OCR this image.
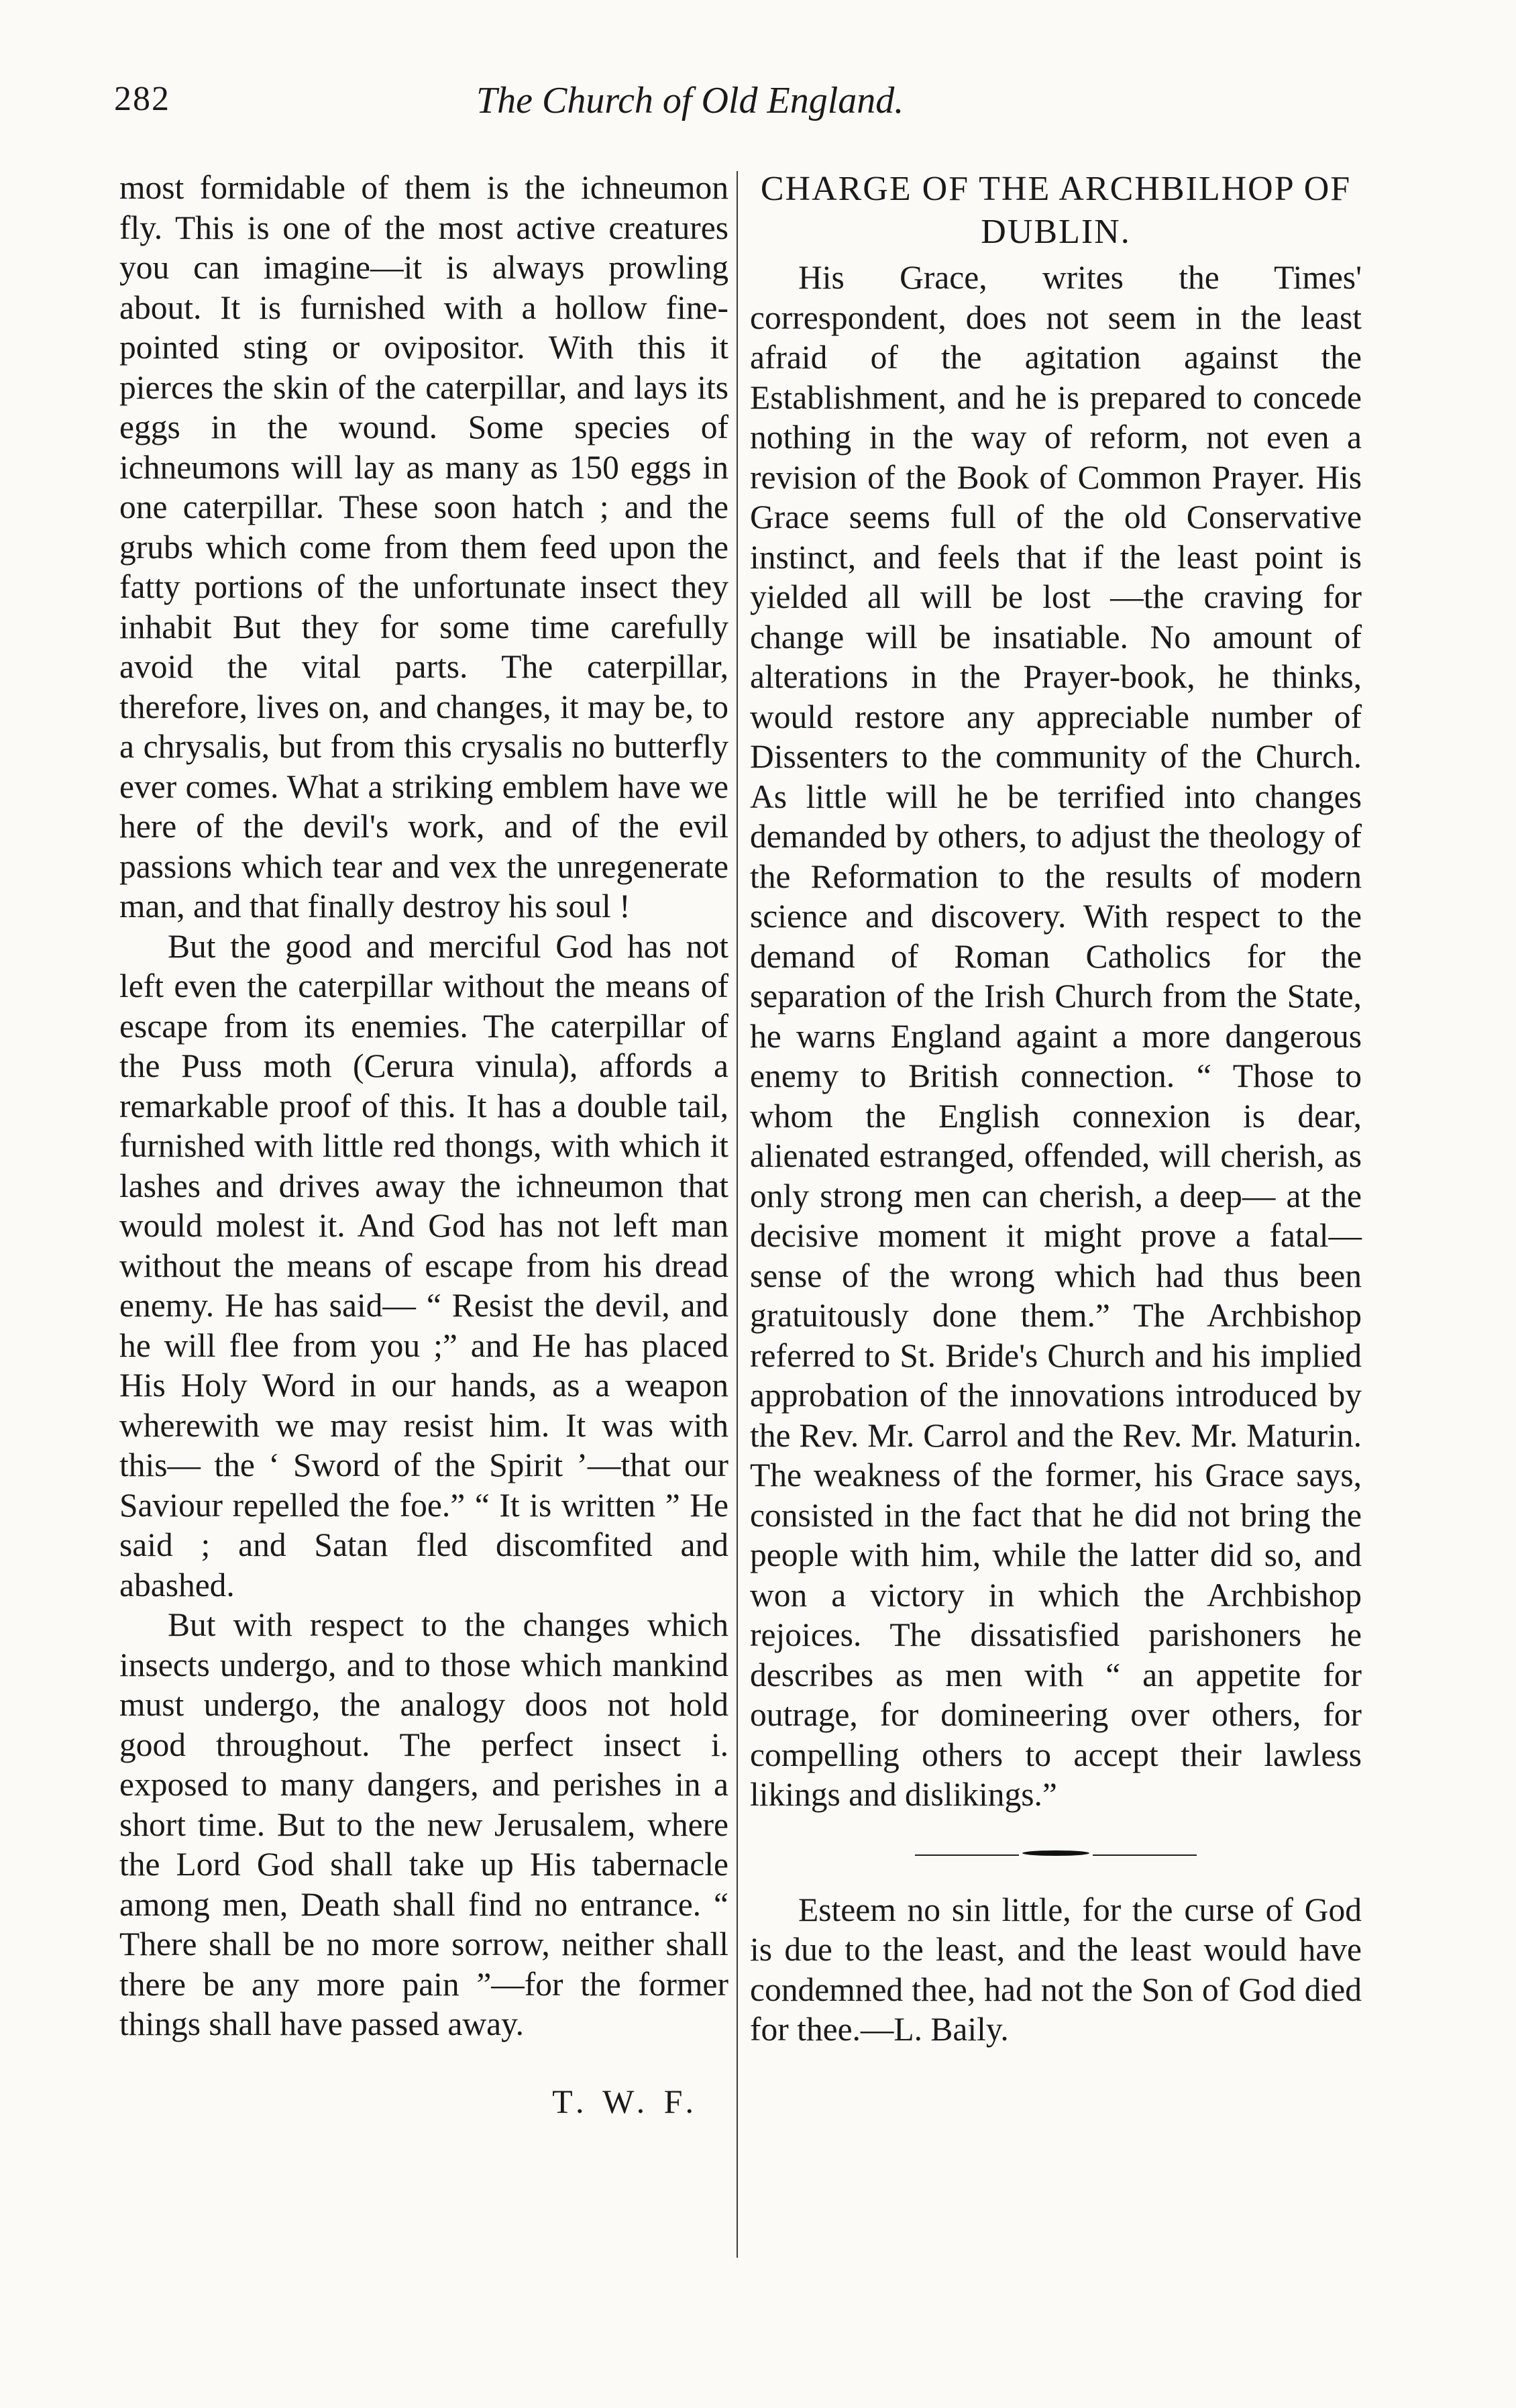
282	The Church of Old England.

most formidable of them is the ichneumon fly. This is one of the most active creatures you can imagine—it is always prowling about. It is furnished with a hollow fine-pointed sting or ovipositor. With this it pierces the skin of the caterpillar, and lays its eggs in the wound. Some species of ichneumons will lay as many as 150 eggs in one caterpillar. These soon hatch ; and the grubs which come from them feed upon the fatty portions of the unfortunate insect they inhabit But they for some time carefully avoid the vital parts. The caterpillar, therefore, lives on, and changes, it may be, to a chrysalis, but from this crysalis no butterfly ever comes. What a striking emblem have we here of the devil's work, and of the evil passions which tear and vex the unregenerate man, and that finally destroy his soul !

But the good and merciful God has not left even the caterpillar without the means of escape from its enemies. The caterpillar of the Puss moth (Cerura vinula), affords a remarkable proof of this. It has a double tail, furnished with little red thongs, with which it lashes and drives away the ichneumon that would molest it. And God has not left man without the means of escape from his dread enemy. He has said— “ Resist the devil, and he will flee from you ;” and He has placed His Holy Word in our hands, as a weapon wherewith we may resist him. It was with this— the ‘ Sword of the Spirit ’—that our Saviour repelled the foe.” “ It is written ” He said ; and Satan fled discomfited and abashed.

But with respect to the changes which insects undergo, and to those which mankind must undergo, the analogy doos not hold good throughout. The perfect insect i. exposed to many dangers, and perishes in a short time. But to the new Jerusalem, where the Lord God shall take up His tabernacle among men, Death shall find no entrance. “ There shall be no more sorrow, neither shall there be any more pain ”—for the former things shall have passed away.

T. W. F.
CHARGE OF THE ARCHBILHOP OF DUBLIN.

His Grace, writes the Times' correspondent, does not seem in the least afraid of the agitation against the Establishment, and he is prepared to concede nothing in the way of reform, not even a revision of the Book of Common Prayer. His Grace seems full of the old Conservative instinct, and feels that if the least point is yielded all will be lost —the craving for change will be insatiable. No amount of alterations in the Prayer-book, he thinks, would restore any appreciable number of Dissenters to the community of the Church. As little will he be terrified into changes demanded by others, to adjust the theology of the Reformation to the results of modern science and discovery. With respect to the demand of Roman Catholics for the separation of the Irish Church from the State, he warns England againt a more dangerous enemy to British connection. “ Those to whom the English connexion is dear, alienated estranged, offended, will cherish, as only strong men can cherish, a deep— at the decisive moment it might prove a fatal—sense of the wrong which had thus been gratuitously done them.” The Archbishop referred to St. Bride's Church and his implied approbation of the innovations introduced by the Rev. Mr. Carrol and the Rev. Mr. Maturin. The weakness of the former, his Grace says, consisted in the fact that he did not bring the people with him, while the latter did so, and won a victory in which the Archbishop rejoices. The dissatisfied parishoners he describes as men with “ an appetite for outrage, for domineering over others, for compelling others to accept their lawless likings and dislikings.”

Esteem no sin little, for the curse of God is due to the least, and the least would have condemned thee, had not the Son of God died for thee.—L. Baily.
